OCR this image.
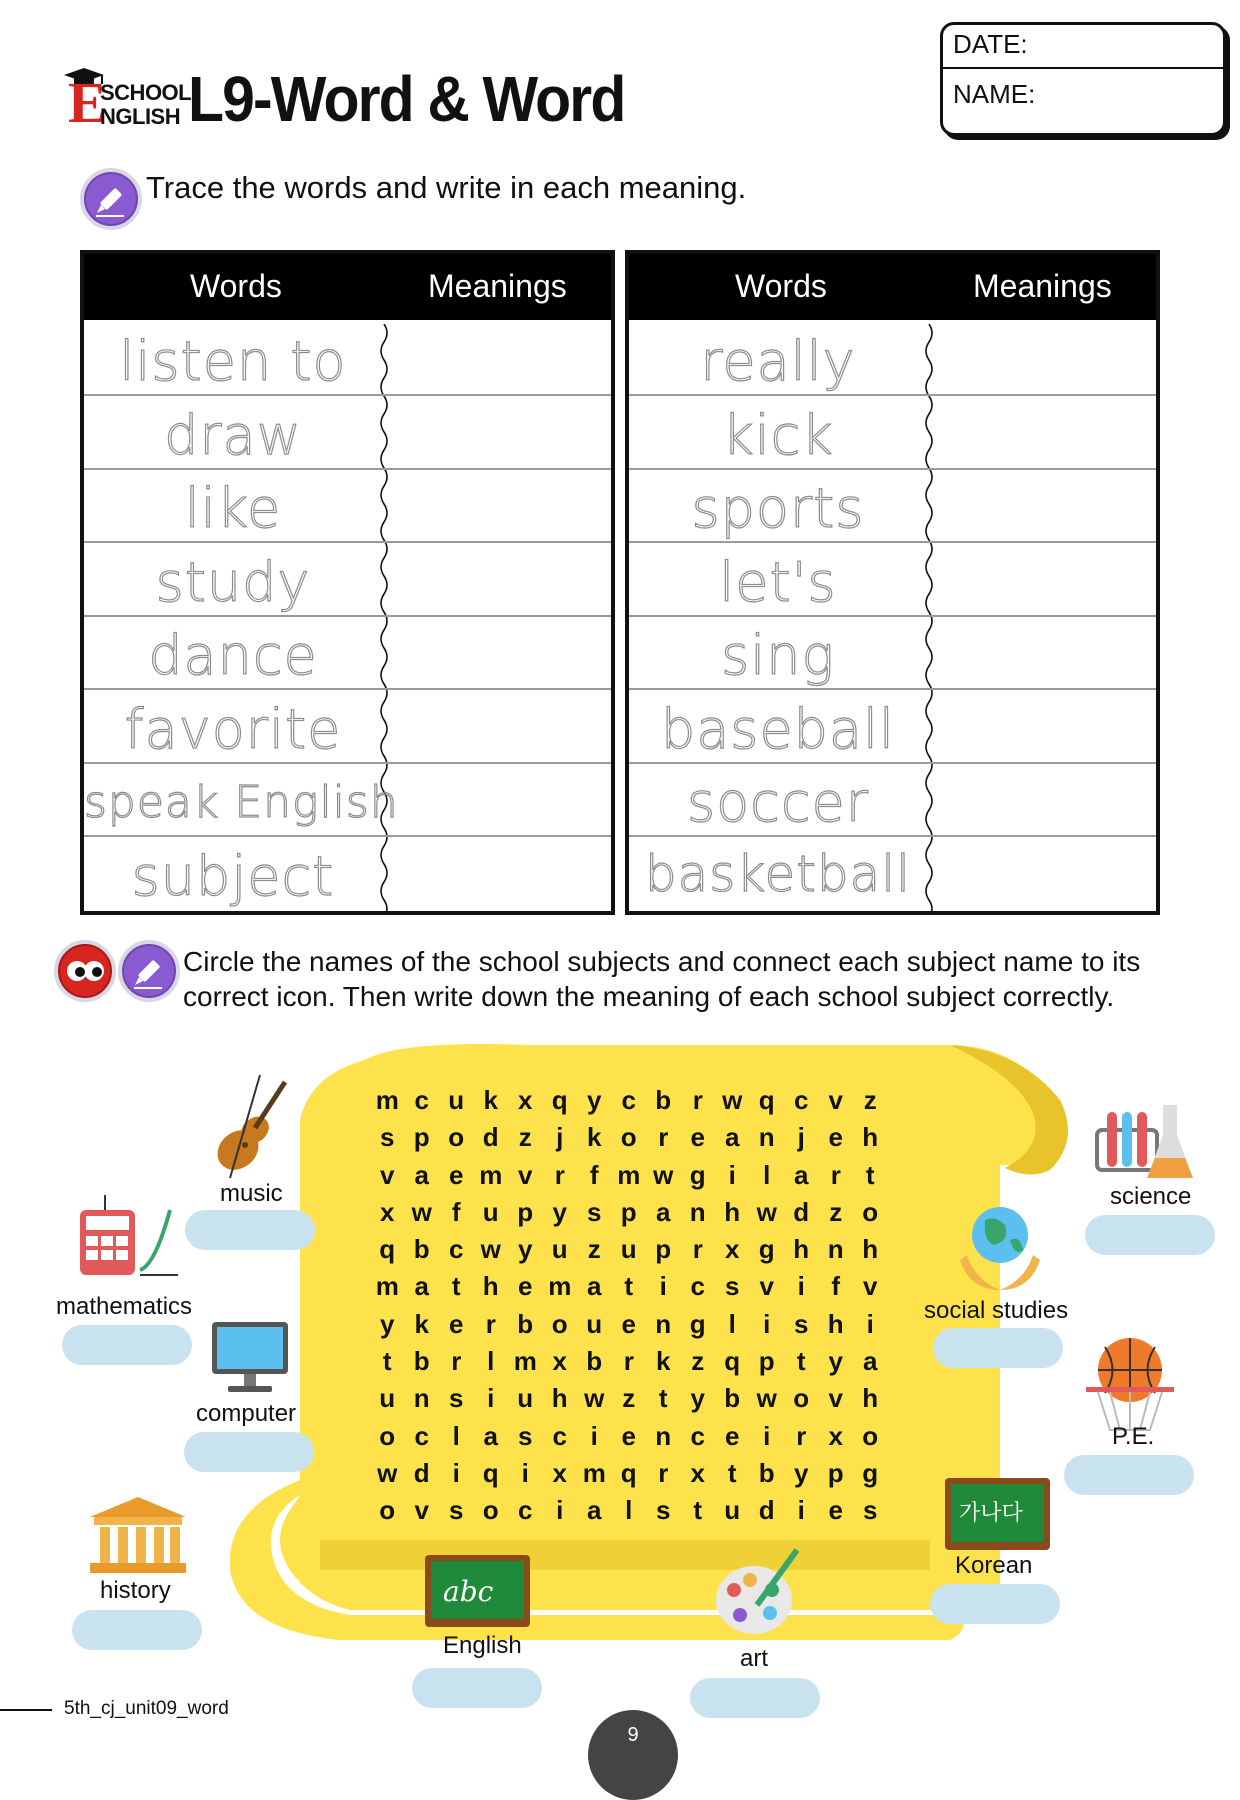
E
SCHOOL
NGLISH L9-Word & Word
DATE:
NAME:
Trace the words and write in each meaning.
Words	Meanings
listen to
draw
like
study
dance
favorite
speak English
subject
Words	Meanings
really
kick
sports
let's
sing
baseball
soccer
basketball
Circle the names of the school subjects and connect each subject name to its correct icon. Then write down the meaning of each school subject correctly.
m c u k x q y c b r w q c v z
s p o d z j k o r e a n j e h
v a e m v r f m w g i	l a r t
x w f u p y s p a n h w d z o
q b c w y u z u p r x g h n h
m a t h e m a t	i c s v i	f v
y k e r b o u e n g l	i s h i
t b r l m x b r k z q p t y a
u n s i u h w z t y b w o v h
o c l a s c i e n c e i r x o
w d i q i x m q r x t b y p g
o v s o c i a l s t u d i e s
music
mathematics
computer
history	abc
English	art
science
social studies
P.E.
가나다
Korean
5th_cj_unit09_word
9
